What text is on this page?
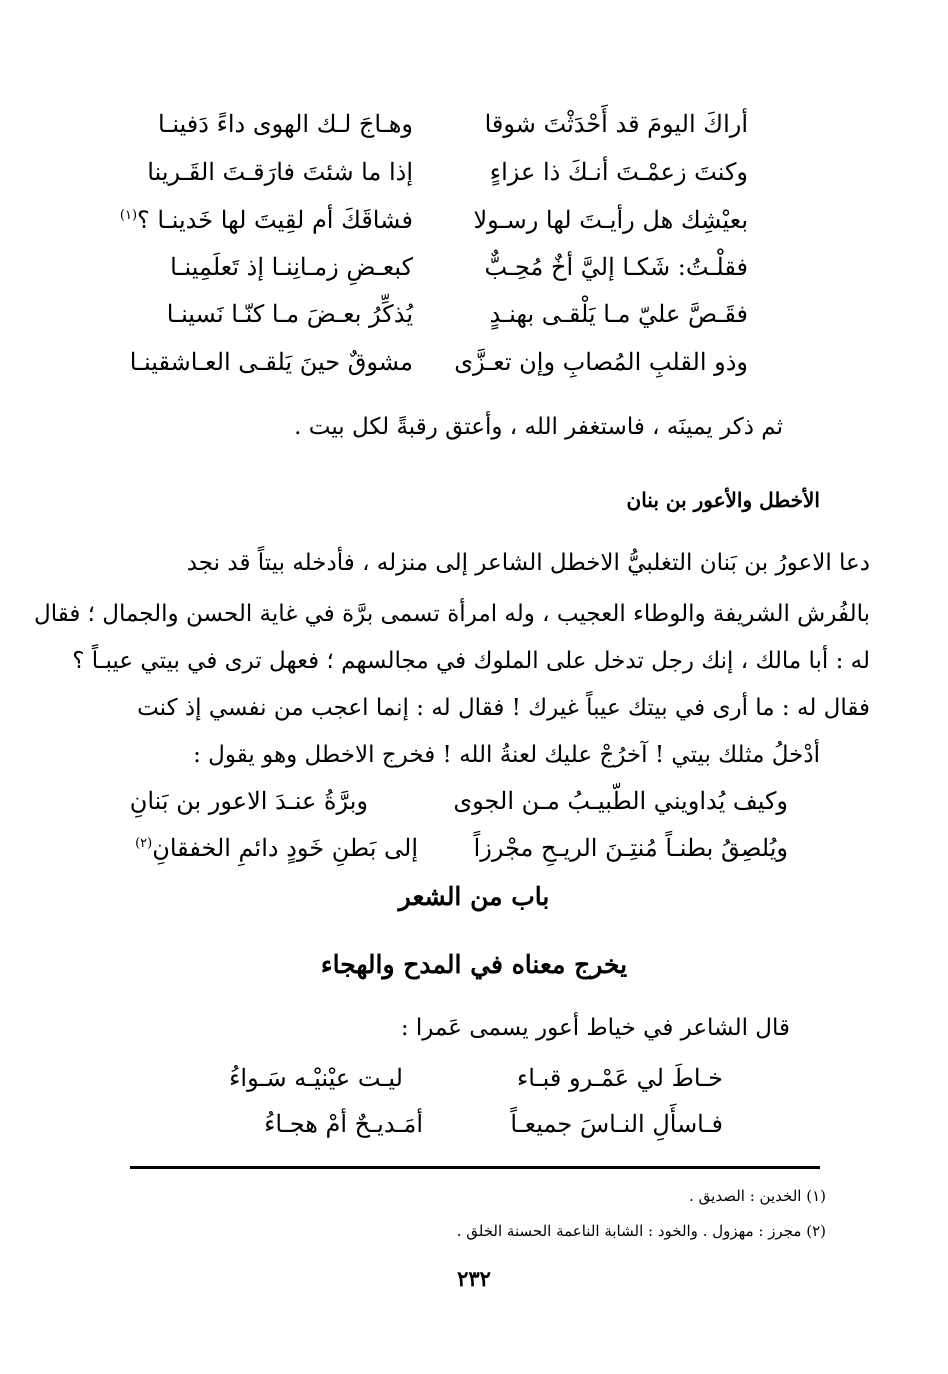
أراكَ اليومَ قد أَحْدَثْتَ شوقا
وهـاجَ لـك الهوى داءً دَفينـا
وكنتَ زعمْـتَ أنـكَ ذا عزاءٍ
إذا ما شئتَ فارَقـتَ القَـرينا
بعيْشِك هل رأيـتَ لها رسـولا
فشاقَكَ أم لقِيتَ لها خَدينـا ؟$^{(١)}$
فقلْـتُ: شَكـا إليَّ أخٌ مُحِـبٌّ
كبعـضِ زمـانِنـا إذ تَعلَمِينـا
فقَـصَّ عليّ مـا يَلْقـى بهنـدٍ
يُذكِّرُ بعـضَ مـا كنّـا نَسينـا
وذو القلبِ المُصابِ وإن تعـزَّى
مشوقٌ حينَ يَلقـى العـاشقينـا
ثم ذكر يمينَه ، فاستغفر الله ، وأعتق رقبةً لكل بيت .
الأخطل والأعور بن بنان
دعا الاعورُ بن بَنان التغلبيُّ الاخطل الشاعر إلى منزله ، فأدخله بيتاً قد نجد
بالفُرش الشريفة والوطاء العجيب ، وله امرأة تسمى برَّة في غاية الحسن والجمال ؛ فقال
له : أبا مالك ، إنك رجل تدخل على الملوك في مجالسهم ؛ فعهل ترى في بيتي عيبـاً ؟
فقال له : ما أرى في بيتك عيباً غيرك ! فقال له : إنما اعجب من نفسي إذ كنت
أدْخلُ مثلك بيتي ! آخرُجْ عليك لعنةُ الله ! فخرج الاخطل وهو يقول :
وكيف يُداويني الطّبيـبُ مـن الجوى
وبرَّةُ عنـدَ الاعور بن بَنانِ
ويُلصِقُ بطنـاً مُنتِـنَ الريـحِ مجْرزاً
إلى بَطنِ خَودٍ دائمِ الخفقانِ$^{(٢)}$
باب من الشعر
يخرج معناه في المدح والهجاء
قال الشاعر في خياط أعور يسمى عَمرا :
خـاطَ لي عَمْـرو قبـاء
ليـت عيْنيْـه سَـواءُ
فـاسأَلِ النـاسَ جميعـاً
أمَـديـحٌ أمْ هجـاءُ
(١) الخدين : الصديق .
(٢) مجرز : مهزول . والخود : الشابة الناعمة الحسنة الخلق .
٢٣٢
